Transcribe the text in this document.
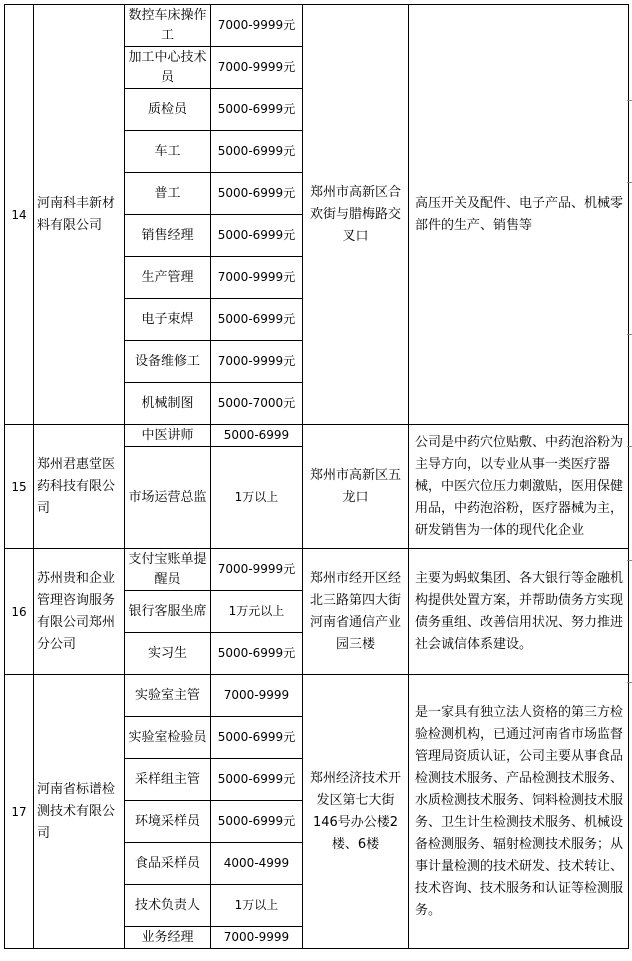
14	河南科丰新材料有限公司	数控车床操作工	7000-9999元	郑州市高新区合欢街与腊梅路交叉口	高压开关及配件、电子产品、机械零部件的生产、销售等
		加工中心技术员	7000-9999元		
		质检员	5000-6999元		
		车工	5000-6999元		
		普工	5000-6999元		
		销售经理	5000-6999元		
		生产管理	7000-9999元		
		电子束焊	5000-6999元		
		设备维修工	7000-9999元		
		机械制图	5000-7000元		
15	郑州君惠堂医药科技有限公司	中医讲师	5000-6999	郑州市高新区五龙口	公司是中药穴位贴敷、中药泡浴粉为主导方向，以专业从事一类医疗器械，中医穴位压力刺激贴，医用保健用品，中药泡浴粉，医疗器械为主，研发销售为一体的现代化企业
		市场运营总监	1万以上		
16	苏州贵和企业管理咨询服务有限公司郑州分公司	支付宝账单提醒员	7000-9999元	郑州市经开区经北三路第四大街河南省通信产业园三楼	主要为蚂蚁集团、各大银行等金融机构提供处置方案，并帮助债务方实现债务重组、改善信用状况、努力推进社会诚信体系建设。
		银行客服坐席	1万元以上		
		实习生	5000-6999元		
17	河南省标谱检测技术有限公司	实验室主管	7000-9999	郑州经济技术开发区第七大街146号办公楼2楼、6楼	是一家具有独立法人资格的第三方检验检测机构，已通过河南省市场监督管理局资质认证，公司主要从事食品检测技术服务、产品检测技术服务、水质检测技术服务、饲料检测技术服务、卫生计生检测技术服务、机械设备检测服务、辐射检测技术服务；从事计量检测的技术研发、技术转让、技术咨询、技术服务和认证等检测服务。
		实验室检验员	5000-6999元		
		采样组主管	5000-6999元		
		环境采样员	5000-6999元		
		食品采样员	4000-4999		
		技术负责人	1万以上		
		业务经理	7000-9999		
